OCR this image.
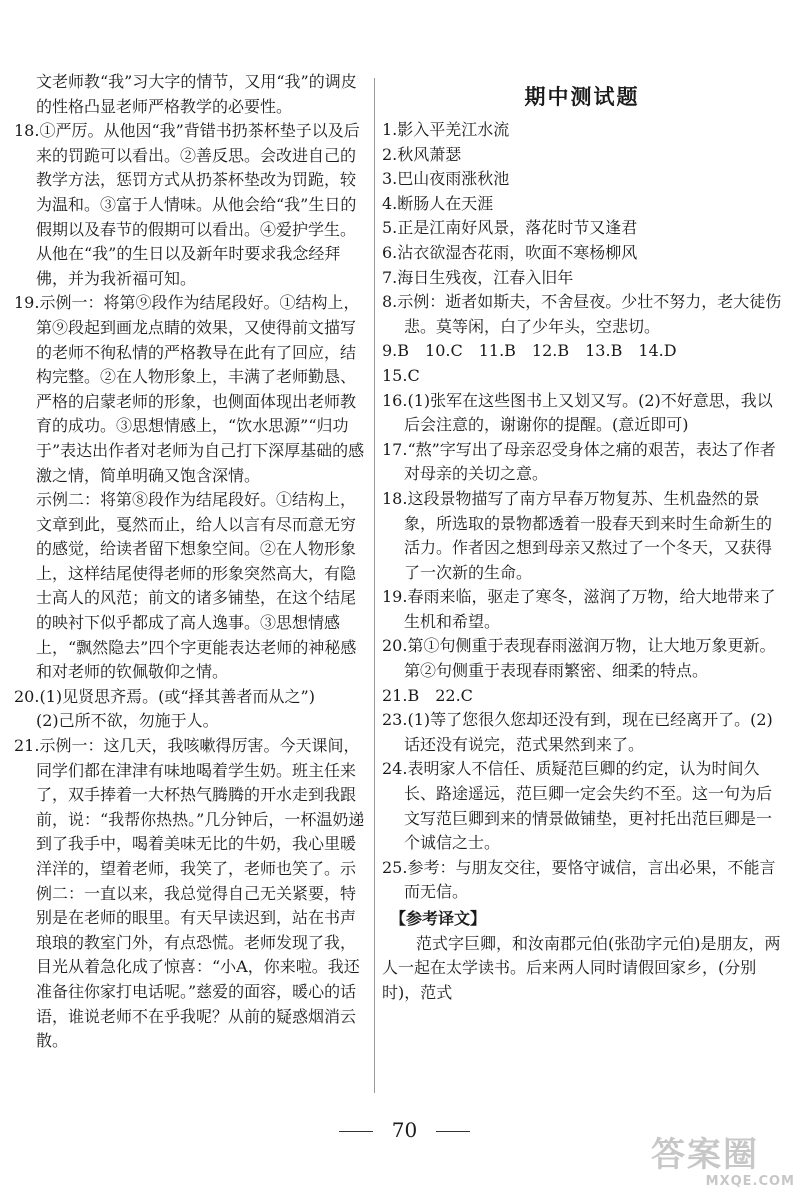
文老师教“我”习大字的情节，又用“我”的调皮的性格凸显老师严格教学的必要性。
18.①严厉。从他因“我”背错书扔茶杯垫子以及后来的罚跪可以看出。②善反思。会改进自己的教学方法，惩罚方式从扔茶杯垫改为罚跪，较为温和。③富于人情味。从他会给“我”生日的假期以及春节的假期可以看出。④爱护学生。从他在“我”的生日以及新年时要求我念经拜佛，并为我祈福可知。
19.示例一：将第⑨段作为结尾段好。①结构上，第⑨段起到画龙点睛的效果，又使得前文描写的老师不徇私情的严格教导在此有了回应，结构完整。②在人物形象上，丰满了老师勤恳、严格的启蒙老师的形象，也侧面体现出老师教育的成功。③思想情感上，“饮水思源”“归功于”表达出作者对老师为自己打下深厚基础的感激之情，简单明确又饱含深情。
示例二：将第⑧段作为结尾段好。①结构上，文章到此，戛然而止，给人以言有尽而意无穷的感觉，给读者留下想象空间。②在人物形象上，这样结尾使得老师的形象突然高大，有隐士高人的风范；前文的诸多铺垫，在这个结尾的映衬下似乎都成了高人逸事。③思想情感上，“飘然隐去”四个字更能表达老师的神秘感和对老师的钦佩敬仰之情。
20.(1)见贤思齐焉。(或“择其善者而从之”)
(2)己所不欲，勿施于人。
21.示例一：这几天，我咳嗽得厉害。今天课间，同学们都在津津有味地喝着学生奶。班主任来了，双手捧着一大杯热气腾腾的开水走到我跟前，说：“我帮你热热。”几分钟后，一杯温奶递到了我手中，喝着美味无比的牛奶，我心里暖洋洋的，望着老师，我笑了，老师也笑了。示例二：一直以来，我总觉得自己无关紧要，特别是在老师的眼里。有天早读迟到，站在书声琅琅的教室门外，有点恐慌。老师发现了我，目光从着急化成了惊喜：“小A，你来啦。我还准备往你家打电话呢。”慈爱的面容，暖心的话语，谁说老师不在乎我呢？从前的疑惑烟消云散。
期中测试题
1.影入平羌江水流
2.秋风萧瑟
3.巴山夜雨涨秋池
4.断肠人在天涯
5.正是江南好风景，落花时节又逢君
6.沾衣欲湿杏花雨，吹面不寒杨柳风
7.海日生残夜，江春入旧年
8.示例：逝者如斯夫，不舍昼夜。少壮不努力，老大徒伤悲。莫等闲，白了少年头，空悲切。
9.B　10.C　11.B　12.B　13.B　14.D
15.C
16.(1)张军在这些图书上又划又写。(2)不好意思，我以后会注意的，谢谢你的提醒。(意近即可)
17.“熬”字写出了母亲忍受身体之痛的艰苦，表达了作者对母亲的关切之意。
18.这段景物描写了南方早春万物复苏、生机盎然的景象，所选取的景物都透着一股春天到来时生命新生的活力。作者因之想到母亲又熬过了一个冬天，又获得了一次新的生命。
19.春雨来临，驱走了寒冬，滋润了万物，给大地带来了生机和希望。
20.第①句侧重于表现春雨滋润万物，让大地万象更新。第②句侧重于表现春雨繁密、细柔的特点。
21.B　22.C
23.(1)等了您很久您却还没有到，现在已经离开了。(2)话还没有说完，范式果然到来了。
24.表明家人不信任、质疑范巨卿的约定，认为时间久长、路途遥远，范巨卿一定会失约不至。这一句为后文写范巨卿到来的情景做铺垫，更衬托出范巨卿是一个诚信之士。
25.参考：与朋友交往，要恪守诚信，言出必果，不能言而无信。
【参考译文】
范式字巨卿，和汝南郡元伯(张劭字元伯)是朋友，两人一起在太学读书。后来两人同时请假回家乡，(分别时)，范式
70
答案圈
MXQE.COM
